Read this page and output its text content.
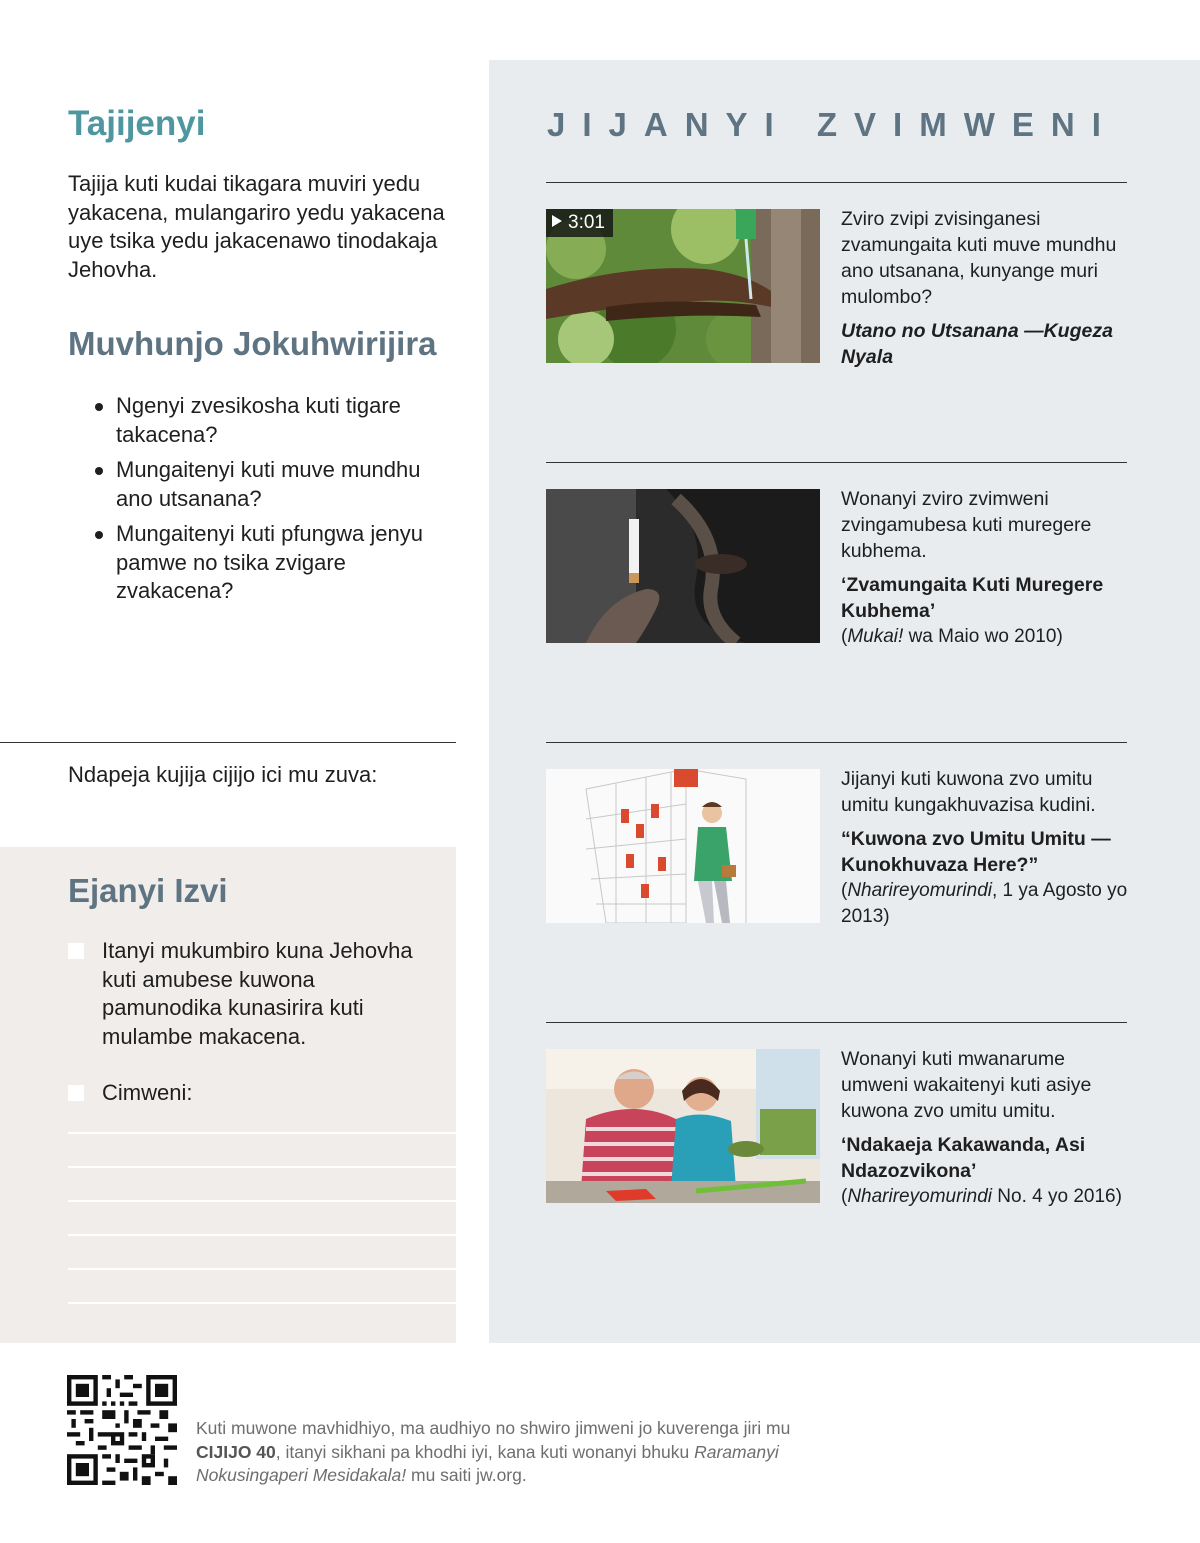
Tajijenyi

Tajija kuti kudai tikagara muviri yedu yakacena, mulangariro yedu yakacena uye tsika yedu jakacenawo tinodakaja Jehovha.

Muvhunjo Jokuhwirijira
Ngenyi zvesikosha kuti tigare takacena?
Mungaitenyi kuti muve mundhu ano utsanana?
Mungaitenyi kuti pfungwa jenyu pamwe no tsika zvigare zvakacena?

Ndapeja kujija cijijo ici mu zuva:

Ejanyi Izvi
Itanyi mukumbiro kuna Jehovha kuti amubese kuwona pamunodika kunasirira kuti mulambe makacena.
Cimweni:
JIJANYI ZVIMWENI
3:01	Zviro zvipi zvisinganesi zvamungaita kuti muve mundhu ano utsanana, kunyange muri mulombo?
Utano no Utsanana —Kugeza Nyala
Wonanyi zviro zvimweni zvingamubesa kuti muregere kubhema.
‘Zvamungaita Kuti Muregere Kubhema’
(Mukai! wa Maio wo 2010)
Jijanyi kuti kuwona zvo umitu umitu kungakhuvazisa kudini.
“Kuwona zvo Umitu Umitu —Kunokhuvaza Here?”
(Nharireyomurindi, 1 ya Agosto yo 2013)
Wonanyi kuti mwanarume umweni wakaitenyi kuti asiye kuwona zvo umitu umitu.
‘Ndakaeja Kakawanda, Asi Ndazozvikona’
(Nharireyomurindi No. 4 yo 2016)

Kuti muwone mavhidhiyo, ma audhiyo no shwiro jimweni jo kuverenga jiri mu CIJIJO 40, itanyi sikhani pa khodhi iyi, kana kuti wonanyi bhuku Raramanyi Nokusingaperi Mesidakala! mu saiti jw.org.
